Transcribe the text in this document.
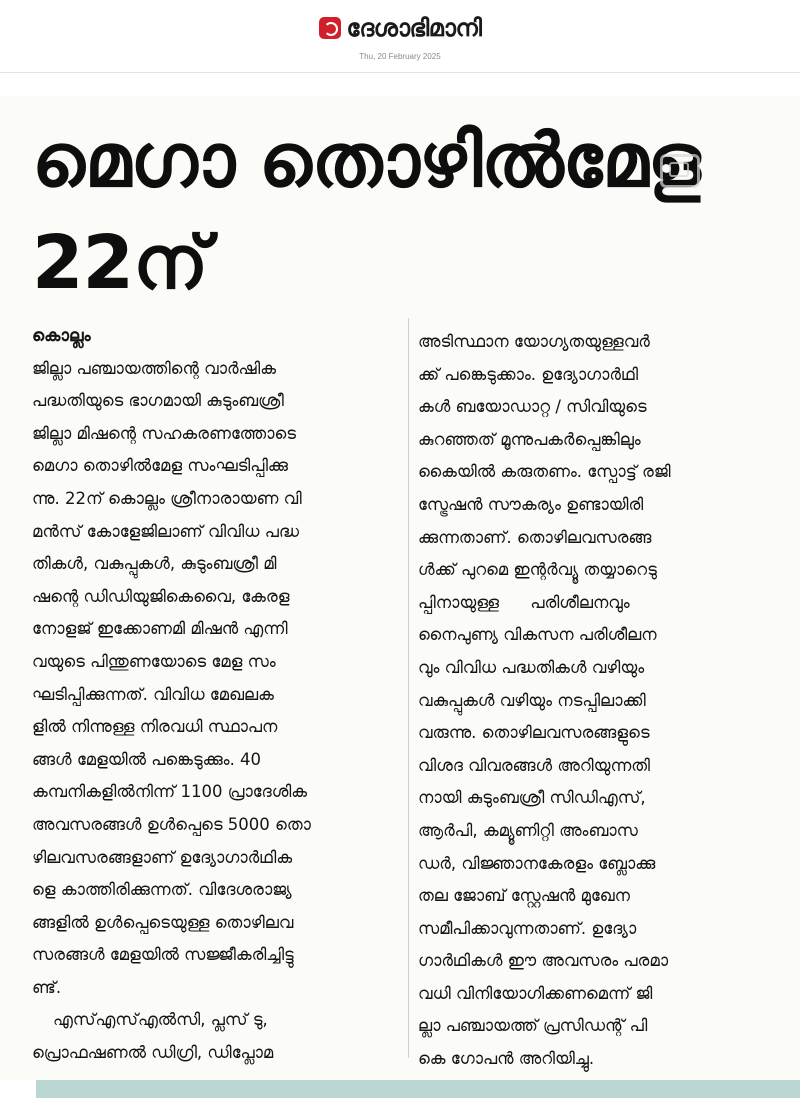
ദേശാഭിമാനി
Thu, 20 February 2025
മെഗാ തൊഴിൽമേള 22ന്
കൊല്ലം
ജില്ലാ പഞ്ചായത്തിന്റെ വാർഷിക
പദ്ധതിയുടെ ഭാഗമായി കുടുംബശ്രീ
ജില്ലാ മിഷന്റെ സഹകരണത്തോടെ
മെഗാ തൊഴിൽമേള സംഘടിപ്പിക്കു
ന്നു. 22ന് കൊല്ലം ശ്രീനാരായണ വി
മൻസ് കോളേജിലാണ് വിവിധ പദ്ധ
തികൾ, വകുപ്പുകൾ, കുടുംബശ്രീ മി
ഷന്റെ ഡിഡിയുജികെവൈ, കേരള
നോളജ് ഇക്കോണമി മിഷൻ എന്നി
വയുടെ പിന്തുണയോടെ മേള സം
ഘടിപ്പിക്കുന്നത്. വിവിധ മേഖലക
ളിൽ നിന്നുള്ള നിരവധി സ്ഥാപന
ങ്ങൾ മേളയിൽ പങ്കെടുക്കും. 40
കമ്പനികളിൽനിന്ന് 1100 പ്രാദേശിക
അവസരങ്ങൾ ഉൾപ്പെടെ 5000 തൊ
ഴിലവസരങ്ങളാണ് ഉദ്യോഗാർഥിക
ളെ കാത്തിരിക്കുന്നത്. വിദേശരാജ്യ
ങ്ങളിൽ ഉൾപ്പെടെയുള്ള തൊഴിലവ
സരങ്ങൾ മേളയിൽ സജ്ജീകരിച്ചിട്ടു
ണ്ട്.
എസ്എസ്എൽസി, പ്ലസ് ടു,
പ്രൊഫഷണൽ ഡിഗ്രി, ഡിപ്ലോമ
അടിസ്ഥാന യോഗ്യതയുള്ളവർ
ക്ക് പങ്കെടുക്കാം. ഉദ്യോഗാർഥി
കൾ ബയോഡാറ്റ / സിവിയുടെ
കുറഞ്ഞത് മൂന്നുപകർപ്പെങ്കിലും
കൈയിൽ കരുതണം. സ്പോട്ട് രജി
സ്ട്രേഷൻ സൗകര്യം ഉണ്ടായിരി
ക്കുന്നതാണ്. തൊഴിലവസരങ്ങ
ൾക്ക് പുറമെ ഇന്റർവ്യൂ തയ്യാറെടു
പ്പിനായുള്ള      പരിശീലനവും
നൈപുണ്യ വികസന പരിശീലന
വും വിവിധ പദ്ധതികൾ വഴിയും
വകുപ്പുകൾ വഴിയും നടപ്പിലാക്കി
വരുന്നു. തൊഴിലവസരങ്ങളുടെ
വിശദ വിവരങ്ങൾ അറിയുന്നതി
നായി കുടുംബശ്രീ സിഡിഎസ്,
ആർപി, കമ്യൂണിറ്റി അംബാസ
ഡർ, വിജ്ഞാനകേരളം ബ്ലോക്കു
തല ജോബ് സ്റ്റേഷൻ മുഖേന
സമീപിക്കാവുന്നതാണ്. ഉദ്യോ
ഗാർഥികൾ ഈ അവസരം പരമാ
വധി വിനിയോഗിക്കണമെന്ന് ജി
ല്ലാ പഞ്ചായത്ത് പ്രസിഡന്റ് പി
കെ ഗോപൻ അറിയിച്ചു.
